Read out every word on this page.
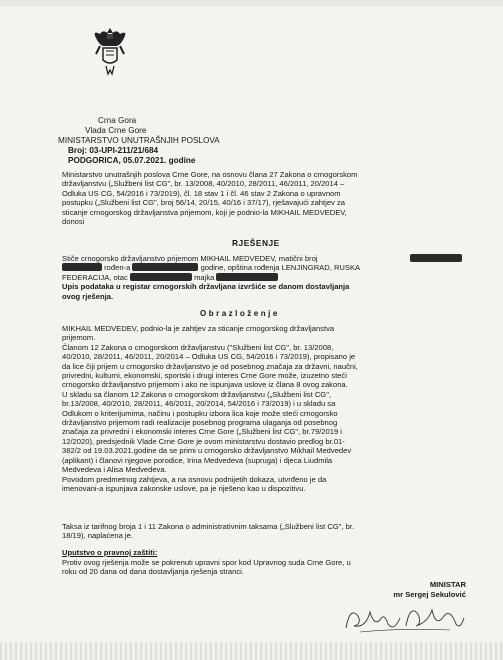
Crna Gora
Vlada Crne Gore
MINISTARSTVO UNUTRAŠNJIH POSLOVA
Broj: 03-UPI-211/21/684
PODGORICA, 05.07.2021. godine
Ministarstvo unutrašnjih poslova Crne Gore, na osnovu člana 27 Zakona o crnogorskom
državljanstvu („Službeni list CG", br. 13/2008, 40/2010, 28/2011, 46/2011, 20/2014 –
Odluka US CG, 54/2016 i 73/2019), čl. 18 stav 1 i čl. 46 stav 2 Zakona o upravnom
postupku („Službeni list CG", broj 56/14, 20/15, 40/16 i 37/17), rješavajući zahtjev za
sticanje crnogorskog državljanstva prijemom, koji je podnio-la MIKHAIL MEDVEDEV,
donosi
RJEŠENJE
Stiče crnogorsko državljanstvo prijemom MIKHAIL MEDVEDEV, matični broj
rođen-a	godine, opština rođenja LENJINGRAD, RUSKA
FEDERACIJA, otac	majka
Upis podataka u registar crnogorskih državljana izvršiće se danom dostavljanja
ovog rješenja.
Obrazloženje
MIKHAIL MEDVEDEV, podnio-la je zahtjev za sticanje crnogorskog državljanstva
prijemom.
Članom 12 Zakona o crnogorskom državljanstvu ("Službeni list CG", br. 13/2008,
40/2010, 28/2011, 46/2011, 20/2014 – Odluka US CG, 54/2016 i 73/2019), propisano je
da lice čiji prijem u crnogorsko državljanstvo je od posebnog značaja za državni, naučni,
privredni, kulturni, ekonomski, sportski i drugi interes Crne Gore može, izuzetno steći
crnogorsko državljanstvo prijemom i ako ne ispunjava uslove iz člana 8 ovog zakona.
U skladu sa članom 12 Zakona o crnogorskom državljanstvu („Službeni list CG",
br.13/2008, 40/2010, 28/2011, 46/2011, 20/2014, 54/2016 i 73/2019) i u skladu sa
Odlukom o kriterijumima, načinu i postupku izbora lica koje može steći crnogorsko
državljanstvo prijemom radi realizacije posebnog programa ulaganja od posebnog
značaja za privredni i ekonomski interes Crne Gore („Službeni list CG", br.79/2019 i
12/2020), predsjednik Vlade Crne Gore je ovom ministarstvu dostavio predlog br.01-
382/2 od 19.03.2021.godine da se primi u crnogorsko državljanstvo Mikhail Medvedev
(aplikant) i članovi njegove porodice, Irina Medvedeva (supruga) i djeca Liudmila
Medvedeva i Alisa Medvedeva.
Povodom predmetnog zahtjeva, a na osnovu podnijetih dokaza, utvrđeno je da
imenovani-a ispunjava zakonske uslove, pa je riješeno kao u dispozitivu.
Taksa iz tarifnog broja 1 i 11 Zakona o administrativnim taksama („Službeni list CG", br.
18/19), naplaćena je.
Uputstvo o pravnoj zaštiti:
Protiv ovog rješenja može se pokrenuti upravni spor kod Upravnog suda Crne Gore, u
roku od 20 dana od dana dostavljanja rješenja stranci.
MINISTAR
mr Sergej Sekulović
